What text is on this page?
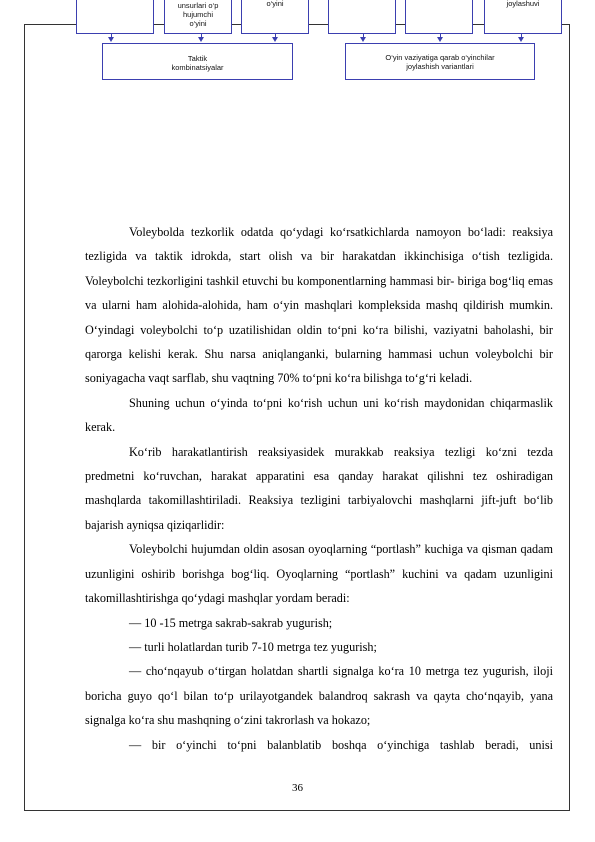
unsurlari o‘p
hujumchi
o‘yini
o‘yini	joylashuvi
Taktik
kombinatsiyalar
O‘yin vaziyatiga qarab o‘yinchilar
joylashish variantlari

Voleybolda tezkorlik odatda qo‘ydagi ko‘rsatkichlarda namoyon bo‘ladi: reaksiya tezligida va taktik idrokda, start olish va bir harakatdan ikkinchisiga o‘tish tezligida. Voleybolchi tezkorligini tashkil etuvchi bu komponentlarning hammasi bir- biriga bog‘liq emas va ularni ham alohida-alohida, ham o‘yin mashqlari kompleksida mashq qildirish mumkin. O‘yindagi voleybolchi to‘p uzatilishidan oldin to‘pni ko‘ra bilishi, vaziyatni baholashi, bir qarorga kelishi kerak. Shu narsa aniqlanganki, bularning hammasi uchun voleybolchi bir soniyagacha vaqt sarflab, shu vaqtning 70% to‘pni ko‘ra bilishga to‘g‘ri keladi.

Shuning uchun o‘yinda to‘pni ko‘rish uchun uni ko‘rish maydonidan chiqarmaslik kerak.

Ko‘rib harakatlantirish reaksiyasidek murakkab reaksiya tezligi ko‘zni tezda predmetni ko‘ruvchan, harakat apparatini esa qanday harakat qilishni tez oshiradigan mashqlarda takomillashtiriladi. Reaksiya tezligini tarbiyalovchi mashqlarni jift-juft bo‘lib bajarish ayniqsa qiziqarlidir:

Voleybolchi hujumdan oldin asosan oyoqlarning “portlash” kuchiga va qisman qadam uzunligini oshirib borishga bog‘liq. Oyoqlarning “portlash” kuchini va qadam uzunligini takomillashtirishga qo‘ydagi mashqlar yordam beradi:

— 10 -15 metrga sakrab-sakrab yugurish;

— turli holatlardan turib 7-10 metrga tez yugurish;

— cho‘nqayub o‘tirgan holatdan shartli signalga ko‘ra 10 metrga tez yugurish, iloji boricha guyo qo‘l bilan to‘p urilayotgandek balandroq sakrash va qayta cho‘nqayib, yana signalga ko‘ra shu mashqning o‘zini takrorlash va hokazo;

— bir o‘yinchi to‘pni balanblatib boshqa o‘yinchiga tashlab beradi, unisi

36
